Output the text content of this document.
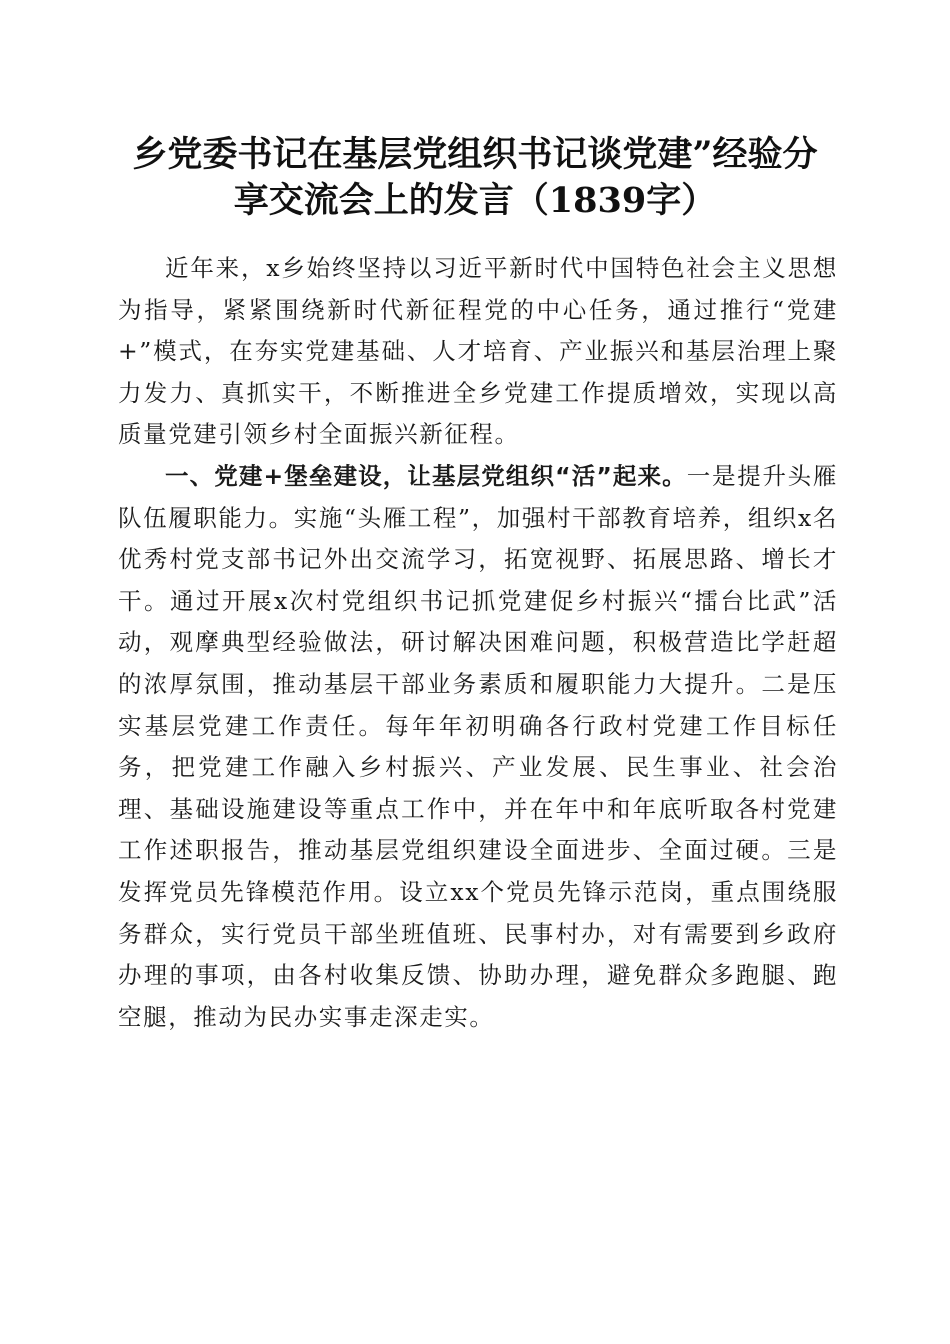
乡党委书记在基层党组织书记谈党建”经验分
享交流会上的发言（1839字）

近年来，x乡始终坚持以习近平新时代中国特色社会主义思想为指导，紧紧围绕新时代新征程党的中心任务，通过推行“党建+”模式，在夯实党建基础、人才培育、产业振兴和基层治理上聚力发力、真抓实干，不断推进全乡党建工作提质增效，实现以高质量党建引领乡村全面振兴新征程。

一、党建+堡垒建设，让基层党组织“活”起来。一是提升头雁队伍履职能力。实施“头雁工程”，加强村干部教育培养，组织x名优秀村党支部书记外出交流学习，拓宽视野、拓展思路、增长才干。通过开展x次村党组织书记抓党建促乡村振兴“擂台比武”活动，观摩典型经验做法，研讨解决困难问题，积极营造比学赶超的浓厚氛围，推动基层干部业务素质和履职能力大提升。二是压实基层党建工作责任。每年年初明确各行政村党建工作目标任务，把党建工作融入乡村振兴、产业发展、民生事业、社会治理、基础设施建设等重点工作中，并在年中和年底听取各村党建工作述职报告，推动基层党组织建设全面进步、全面过硬。三是发挥党员先锋模范作用。设立xx个党员先锋示范岗，重点围绕服务群众，实行党员干部坐班值班、民事村办，对有需要到乡政府办理的事项，由各村收集反馈、协助办理，避免群众多跑腿、跑空腿，推动为民办实事走深走实。
